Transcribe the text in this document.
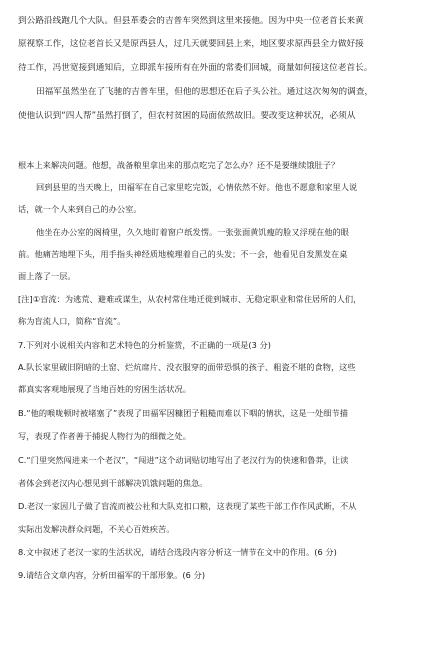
到公路沿线跑几个大队。但县革委会的吉普车突然到这里来接他。因为中央一位老首长来黄
原视察工作，这位老首长又是原西县人，过几天就要回县上来，地区要求原西县全力做好接
待工作，冯世宽接到通知后，立即派车接所有在外面的常委们回城，商量如何接这位老首长。
田福军虽然坐在了飞驰的吉普车里，但他的思想还在后子头公社。通过这次匆匆的调查，
使他认识到“四人帮”虽然打倒了，但农村贫困的局面依然故旧。要改变这种状况，必须从
根本上来解决问题。他想，战备粮里拿出来的那点吃完了怎么办？还不是要继续饿肚子？
回到县里的当天晚上，田福军在自己家里吃完饭，心情依然不好。他也不愿意和家里人说
话，就一个人来到自己的办公室。
他坐在办公室的阁椅里，久久地盯着窗户纸发愣。一张张面黄饥瘦的脸又浮现在他的眼
前。他痛苦地埋下头，用手指头神经质地梳理着自己的头发；不一会，他看见自发黑发在桌
面上落了一层。
[注]①盲流：为逃荒、避难或谋生，从农村常住地迁徙到城市、无稳定职业和常住居所的人们，
称为盲流人口，简称“盲流”。
7.下列对小说相关内容和艺术特色的分析鉴赏，不正确的一项是(3 分)
A.队长家里破旧阴暗的土窑、烂炕席片、没衣服穿的面带恐惧的孩子、粗瓷不堪的食物，这些
都真实客观地展现了当地百姓的穷困生活状况。
B.“他的喉咙顿时被堵塞了”表现了田福军因糠团子粗糙而难以下咽的情状，这是一处细节描
写，表现了作者善于捕捉人物行为的细微之处。
C.“门里突然闯进来一个老汉”，“闯进”这个动词贴切地写出了老汉行为的快速和鲁莽，让读
者体会到老汉内心想见到干部解决饥饿问题的焦急。
D.老汉一家因儿子做了盲流而被公社和大队克扣口粮，这表现了某些干部工作作风武断，不从
实际出发解决群众问题，不关心百姓疾苦。
8.文中叙述了老汉一家的生活状况，请结合选段内容分析这一情节在文中的作用。(6 分)
9.请结合文章内容，分析田福军的干部形象。(6 分)
